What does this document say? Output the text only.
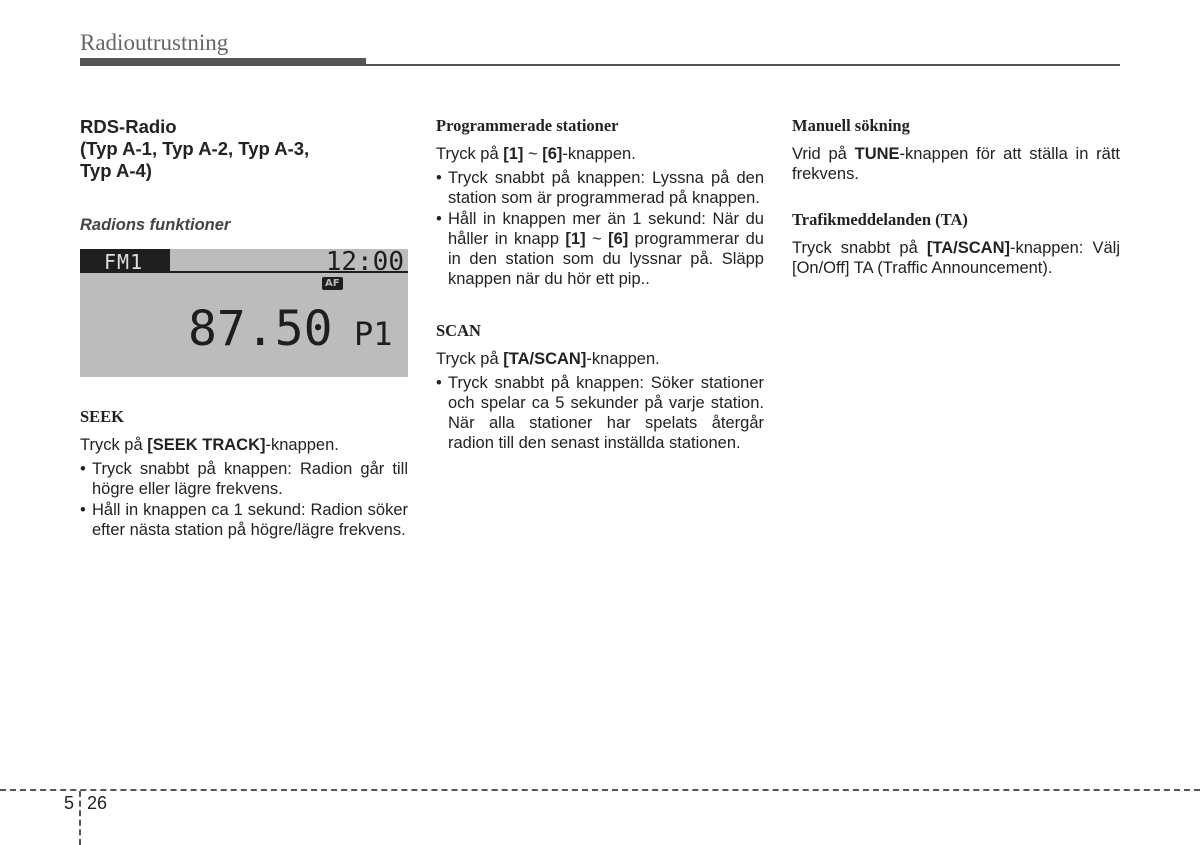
Radioutrustning
RDS-Radio
(Typ A-1, Typ A-2, Typ A-3,
Typ A-4)
Radions funktioner
FM1	12:00
AF
87.50 P1
SEEK

Tryck på [SEEK TRACK]-knappen.

• Tryck snabbt på knappen: Radion går till högre eller lägre frekvens.
• Håll in knappen ca 1 sekund: Radion söker efter nästa station på högre/lägre frekvens.
Programmerade stationer

Tryck på [1] ~ [6]-knappen.

• Tryck snabbt på knappen: Lyssna på den station som är programmerad på knappen.
• Håll in knappen mer än 1 sekund: När du håller in knapp [1] ~ [6] programmerar du in den station som du lyssnar på. Släpp knappen när du hör ett pip..
SCAN

Tryck på [TA/SCAN]-knappen.

• Tryck snabbt på knappen: Söker stationer och spelar ca 5 sekunder på varje station. När alla stationer har spelats återgår radion till den senast inställda stationen.
Manuell sökning

Vrid på TUNE-knappen för att ställa in rätt frekvens.

Trafikmeddelanden (TA)

Tryck snabbt på [TA/SCAN]-knappen: Välj [On/Off] TA (Traffic Announcement).

5 26
